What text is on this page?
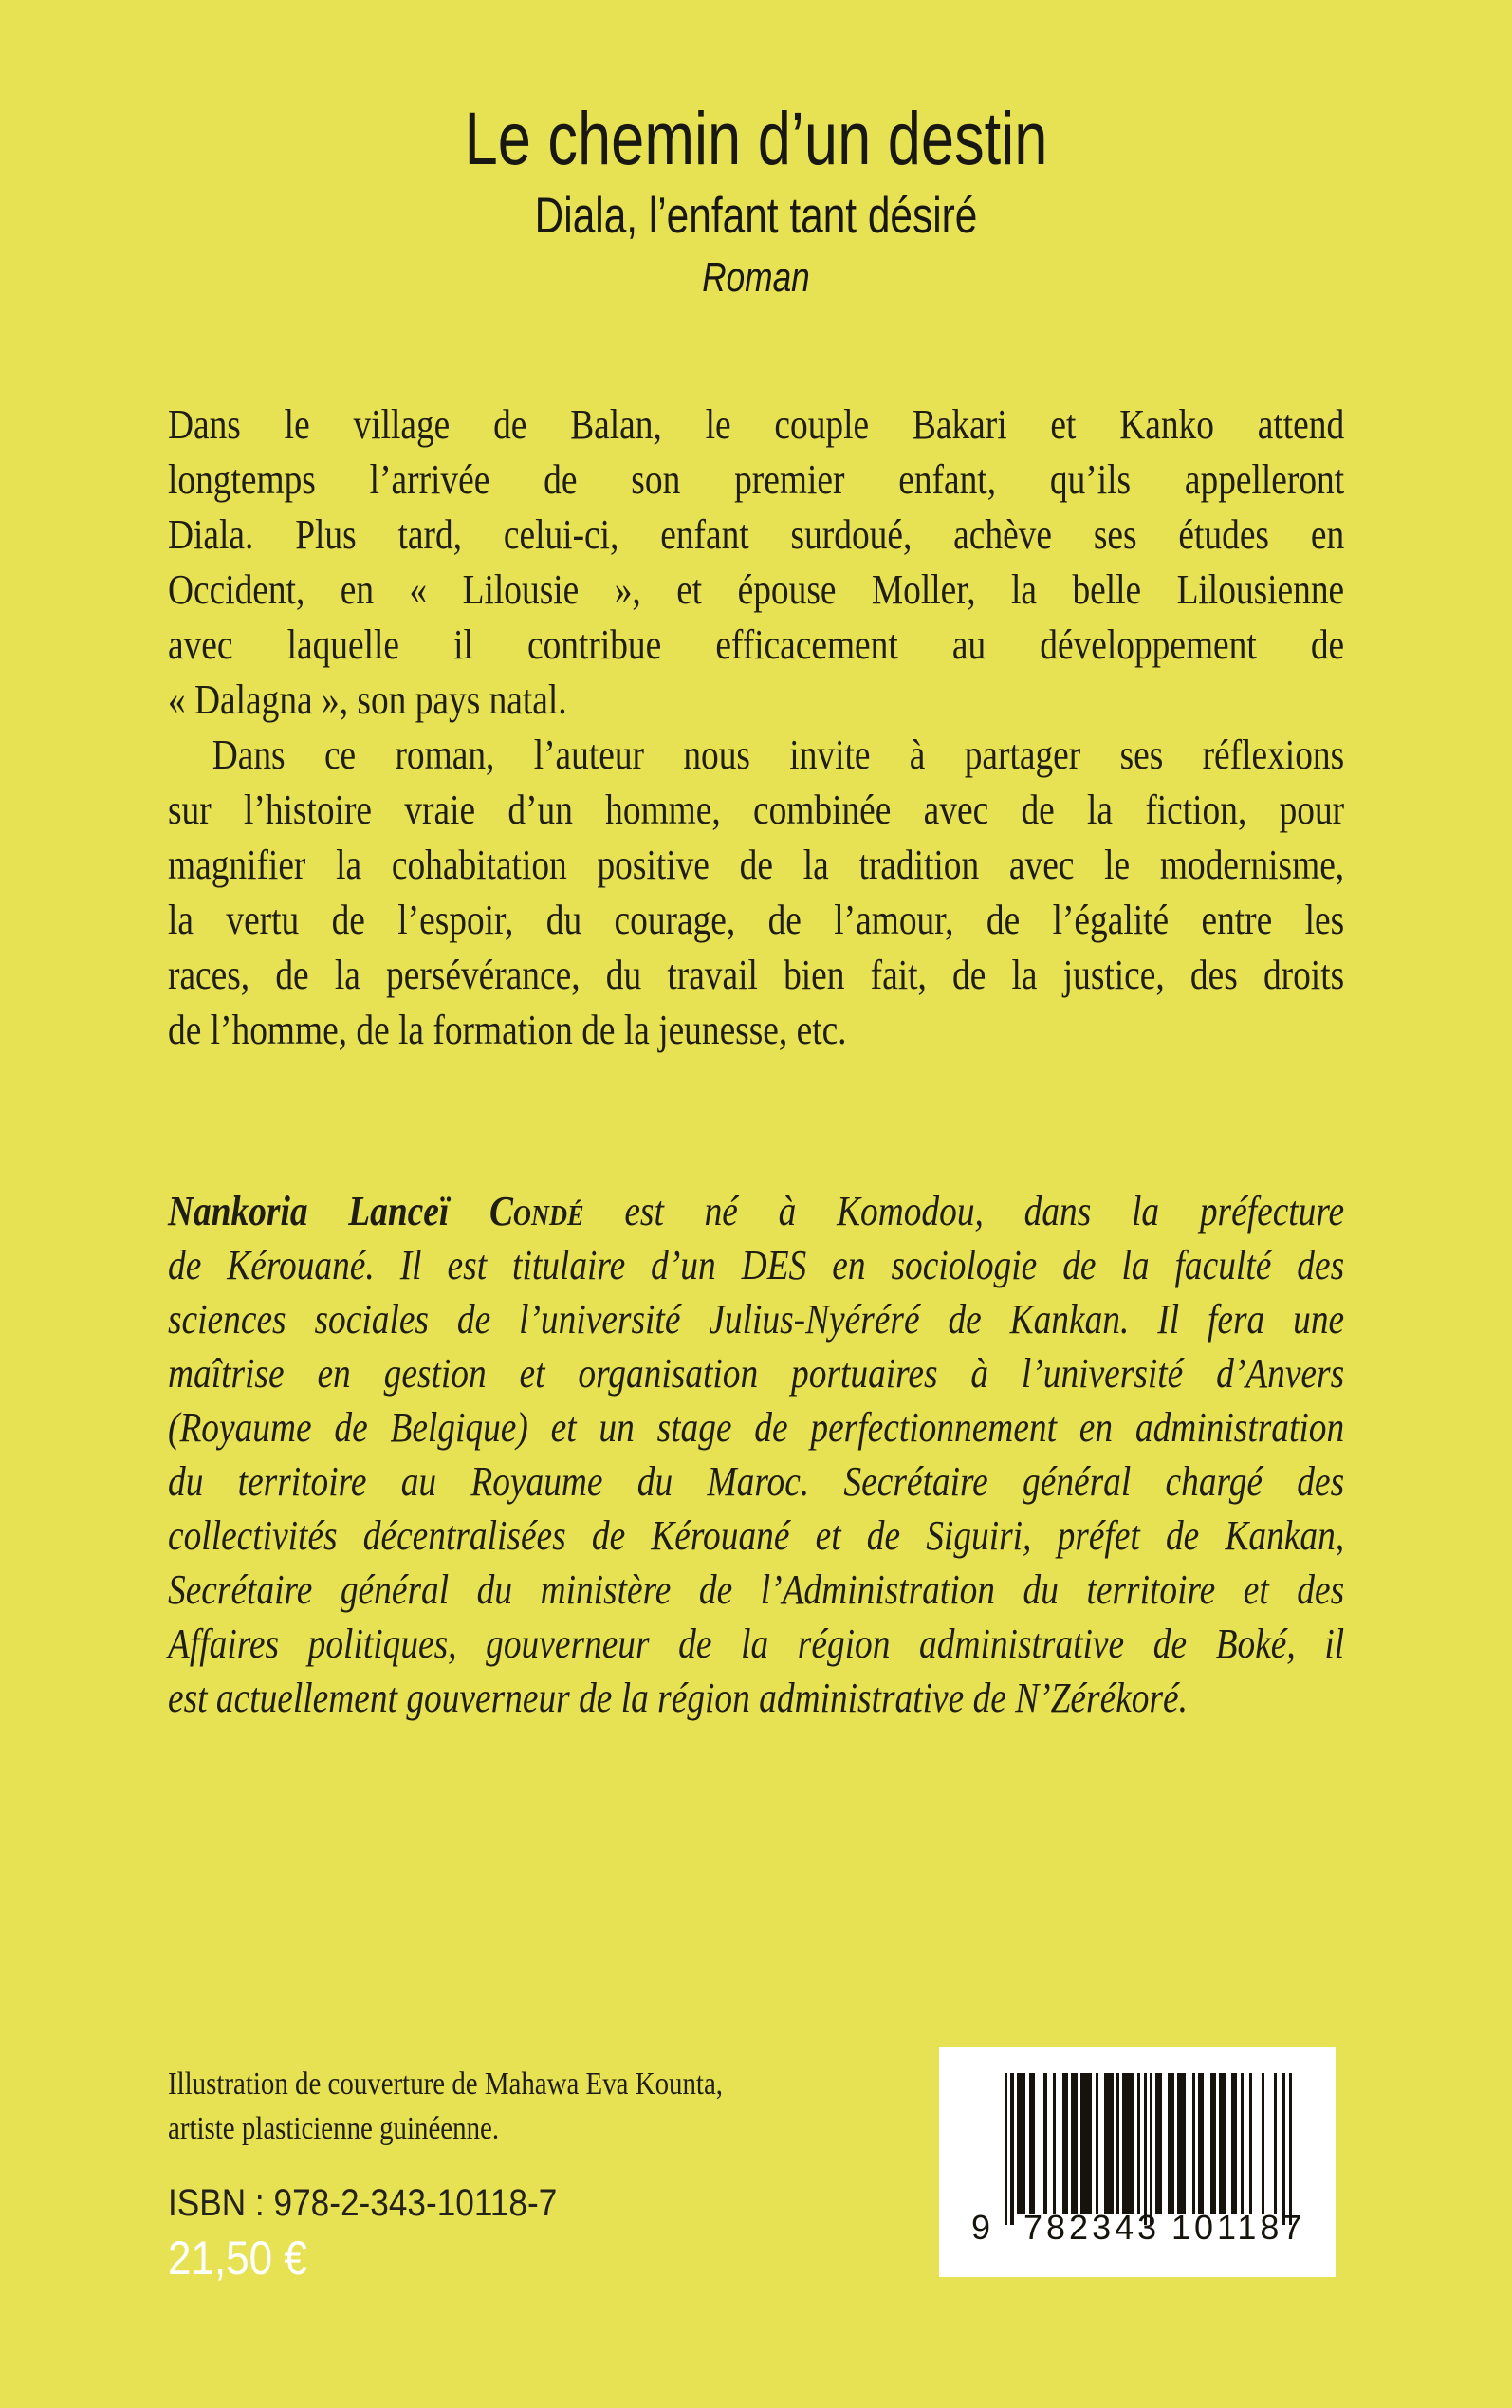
Le chemin d’un destin
Diala, l’enfant tant désiré
Roman
Dans le village de Balan, le couple Bakari et Kanko attend
longtemps l’arrivée de son premier enfant, qu’ils appelleront
Diala. Plus tard, celui-ci, enfant surdoué, achève ses études en
Occident, en « Lilousie », et épouse Moller, la belle Lilousienne
avec laquelle il contribue efficacement au développement de
« Dalagna », son pays natal.
Dans ce roman, l’auteur nous invite à partager ses réflexions
sur l’histoire vraie d’un homme, combinée avec de la fiction, pour
magnifier la cohabitation positive de la tradition avec le modernisme,
la vertu de l’espoir, du courage, de l’amour, de l’égalité entre les
races, de la persévérance, du travail bien fait, de la justice, des droits
de l’homme, de la formation de la jeunesse, etc.
Nankoria Lanceï Condé est né à Komodou, dans la préfecture
de Kérouané. Il est titulaire d’un DES en sociologie de la faculté des
sciences sociales de l’université Julius-Nyéréré de Kankan. Il fera une
maîtrise en gestion et organisation portuaires à l’université d’Anvers
(Royaume de Belgique) et un stage de perfectionnement en administration
du territoire au Royaume du Maroc. Secrétaire général chargé des
collectivités décentralisées de Kérouané et de Siguiri, préfet de Kankan,
Secrétaire général du ministère de l’Administration du territoire et des
Affaires politiques, gouverneur de la région administrative de Boké, il
est actuellement gouverneur de la région administrative de N’Zérékoré.
Illustration de couverture de Mahawa Eva Kounta,
artiste plasticienne guinéenne.
ISBN : 978-2-343-10118-7
21,50 €
9 782343 101187
